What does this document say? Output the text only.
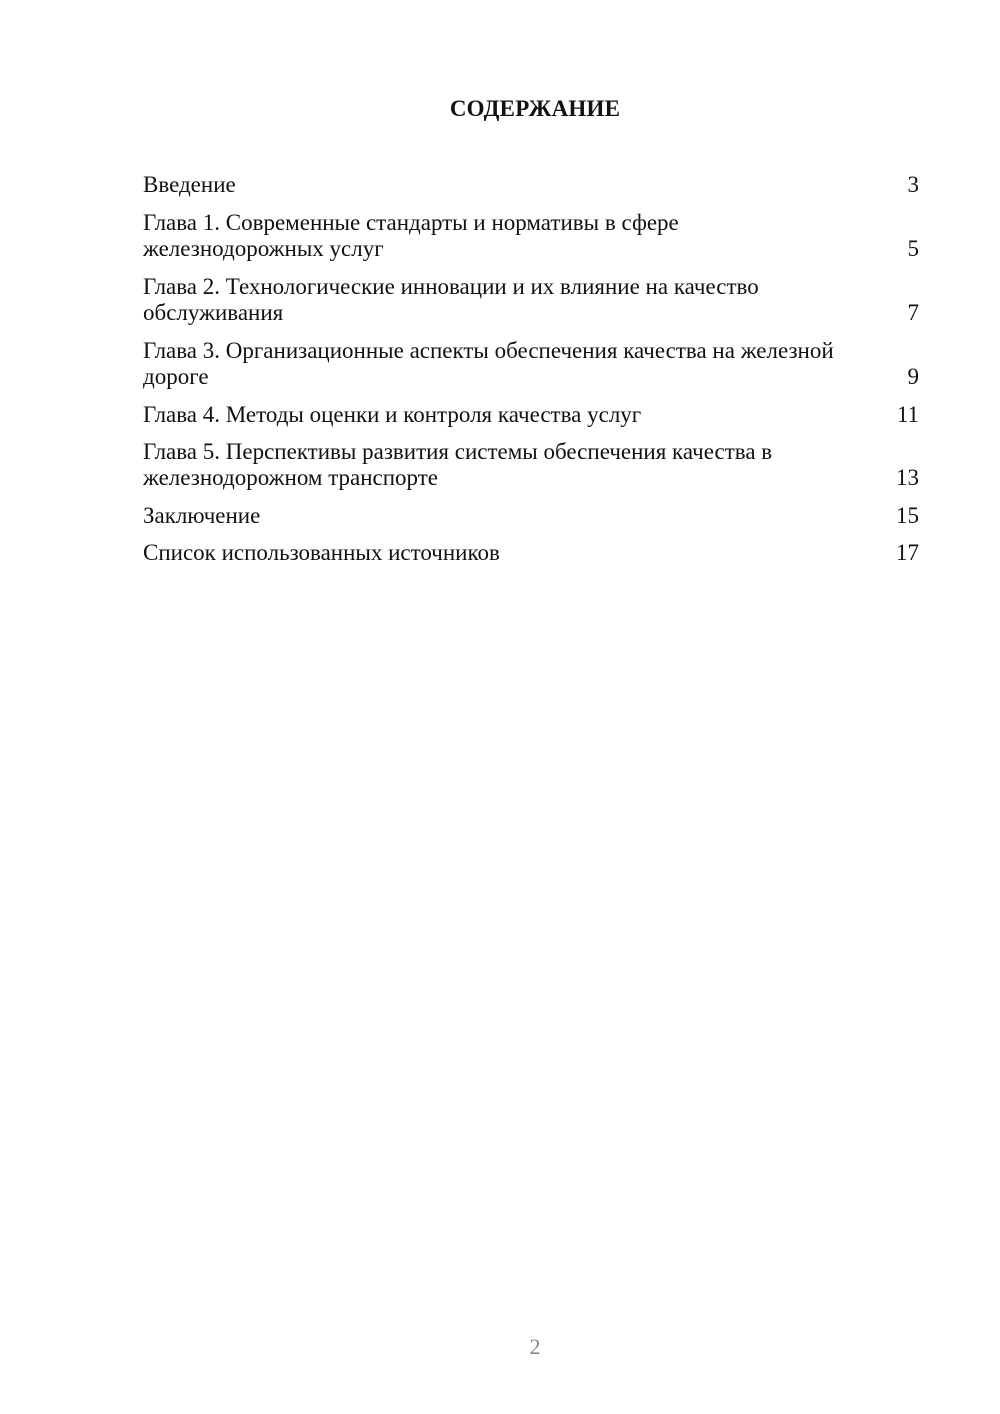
СОДЕРЖАНИЕ
Введение	3
Глава 1. Современные стандарты и нормативы в сфере железнодорожных услуг	5
Глава 2. Технологические инновации и их влияние на качество обслуживания	7
Глава 3. Организационные аспекты обеспечения качества на железной дороге	9
Глава 4. Методы оценки и контроля качества услуг	11
Глава 5. Перспективы развития системы обеспечения качества в железнодорожном транспорте	13
Заключение	15
Список использованных источников	17
2
